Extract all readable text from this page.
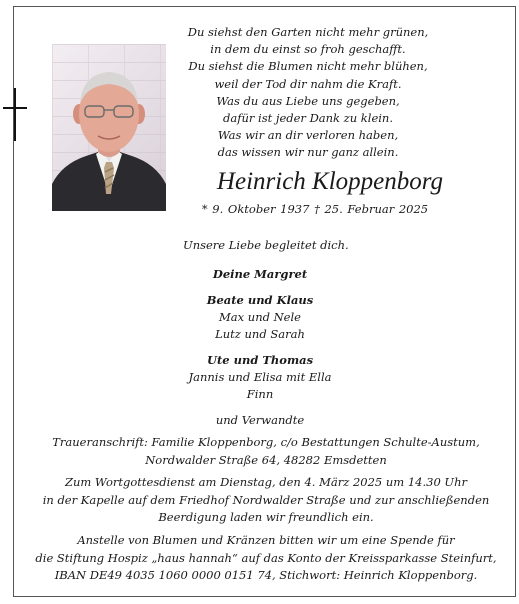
Du siehst den Garten nicht mehr grünen,
in dem du einst so froh geschafft.
Du siehst die Blumen nicht mehr blühen,
weil der Tod dir nahm die Kraft.
Was du aus Liebe uns gegeben,
dafür ist jeder Dank zu klein.
Was wir an dir verloren haben,
das wissen wir nur ganz allein.
Heinrich Kloppenborg
* 9. Oktober 1937 † 25. Februar 2025
Unsere Liebe begleitet dich.
Deine Margret
Beate und Klaus
Max und Nele
Lutz und Sarah
Ute und Thomas
Jannis und Elisa mit Ella
Finn
und Verwandte
Traueranschrift: Familie Kloppenborg, c/o Bestattungen Schulte-Austum,
Nordwalder Straße 64, 48282 Emsdetten
Zum Wortgottesdienst am Dienstag, den 4. März 2025 um 14.30 Uhr
in der Kapelle auf dem Friedhof Nordwalder Straße und zur anschließenden
Beerdigung laden wir freundlich ein.
Anstelle von Blumen und Kränzen bitten wir um eine Spende für
die Stiftung Hospiz „haus hannah“ auf das Konto der Kreissparkasse Steinfurt,
IBAN DE49 4035 1060 0000 0151 74, Stichwort: Heinrich Kloppenborg.
